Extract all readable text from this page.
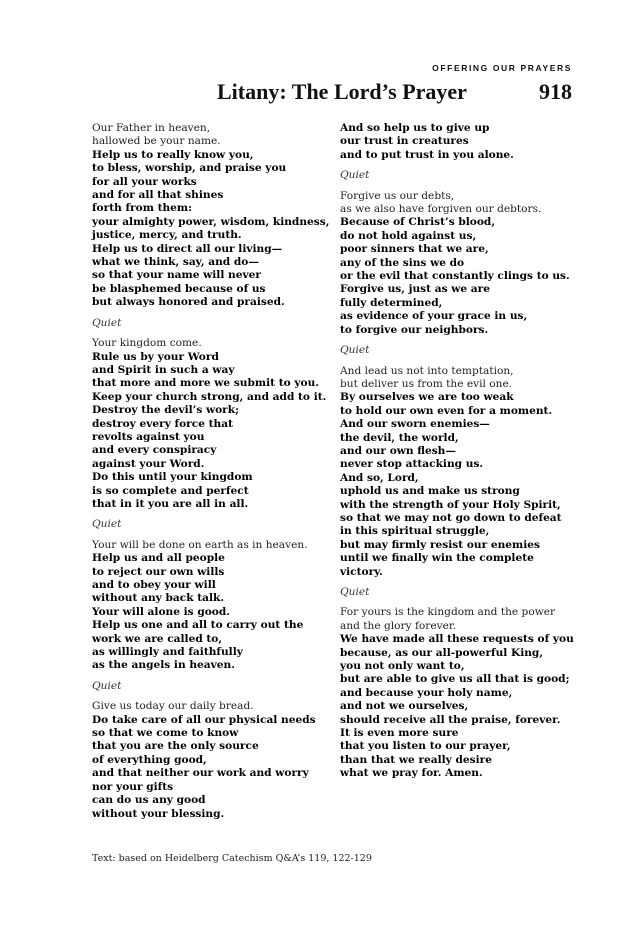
OFFERING OUR PRAYERS
Litany: The Lord’s Prayer	918
Our Father in heaven,
hallowed be your name.
Help us to really know you,
to bless, worship, and praise you
for all your works
and for all that shines
forth from them:
your almighty power, wisdom, kindness,
justice, mercy, and truth.
Help us to direct all our living—
what we think, say, and do—
so that your name will never
be blasphemed because of us
but always honored and praised.
Quiet
Your kingdom come.
Rule us by your Word
and Spirit in such a way
that more and more we submit to you.
Keep your church strong, and add to it.
Destroy the devil’s work;
destroy every force that
revolts against you
and every conspiracy
against your Word.
Do this until your kingdom
is so complete and perfect
that in it you are all in all.
Quiet
Your will be done on earth as in heaven.
Help us and all people
to reject our own wills
and to obey your will
without any back talk.
Your will alone is good.
Help us one and all to carry out the
work we are called to,
as willingly and faithfully
as the angels in heaven.
Quiet
Give us today our daily bread.
Do take care of all our physical needs
so that we come to know
that you are the only source
of everything good,
and that neither our work and worry
nor your gifts
can do us any good
without your blessing.
And so help us to give up
our trust in creatures
and to put trust in you alone.
Quiet
Forgive us our debts,
as we also have forgiven our debtors.
Because of Christ’s blood,
do not hold against us,
poor sinners that we are,
any of the sins we do
or the evil that constantly clings to us.
Forgive us, just as we are
fully determined,
as evidence of your grace in us,
to forgive our neighbors.
Quiet
And lead us not into temptation,
but deliver us from the evil one.
By ourselves we are too weak
to hold our own even for a moment.
And our sworn enemies—
the devil, the world,
and our own flesh—
never stop attacking us.
And so, Lord,
uphold us and make us strong
with the strength of your Holy Spirit,
so that we may not go down to defeat
in this spiritual struggle,
but may firmly resist our enemies
until we finally win the complete
victory.
Quiet
For yours is the kingdom and the power
and the glory forever.
We have made all these requests of you
because, as our all-powerful King,
you not only want to,
but are able to give us all that is good;
and because your holy name,
and not we ourselves,
should receive all the praise, forever.
It is even more sure
that you listen to our prayer,
than that we really desire
what we pray for. Amen.
Text: based on Heidelberg Catechism Q&A’s 119, 122-129
